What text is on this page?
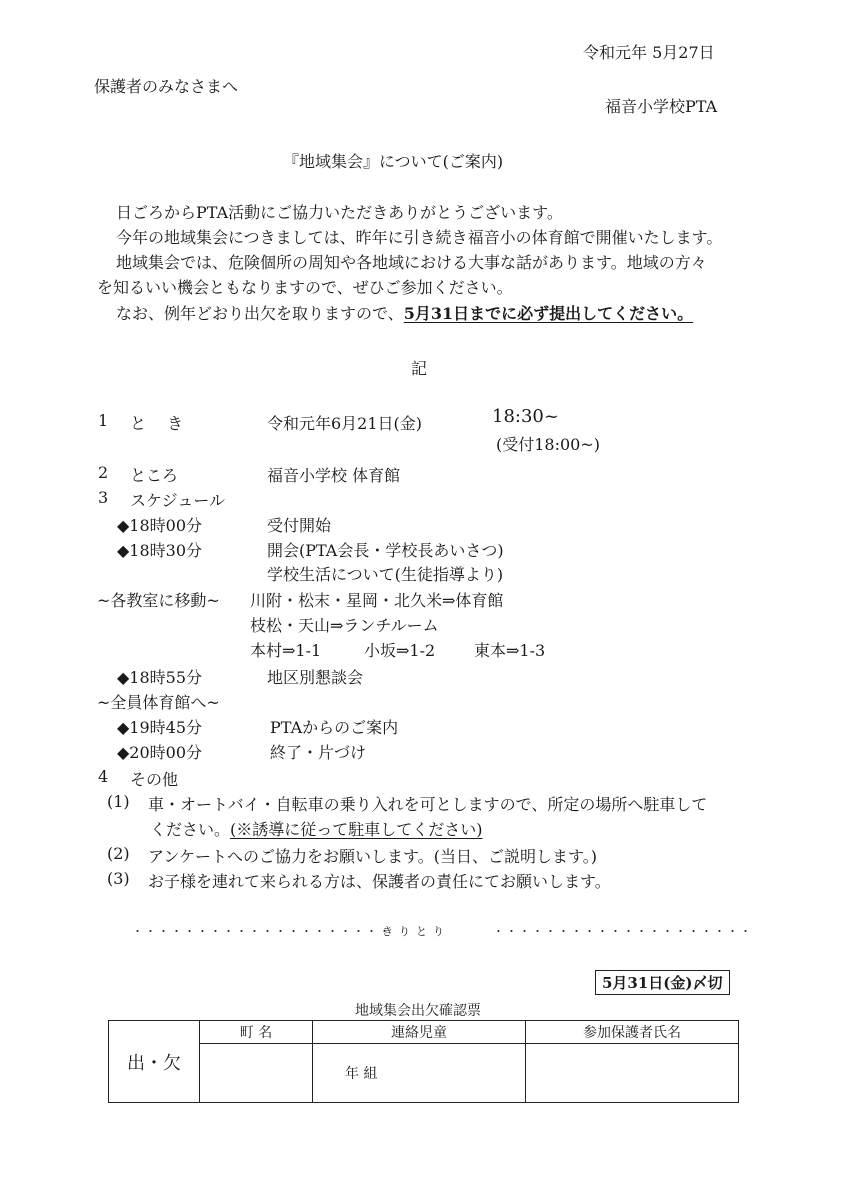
令和元年 5月27日
保護者のみなさまへ
福音小学校PTA
『地域集会』について(ご案内)
日ごろからPTA活動にご協力いただきありがとうございます。
今年の地域集会につきましては、昨年に引き続き福音小の体育館で開催いたします。
地域集会では、危険個所の周知や各地域における大事な話があります。地域の方々
を知るいい機会ともなりますので、ぜひご参加ください。
なお、例年どおり出欠を取りますので、5月31日までに必ず提出してください。
記
1 と き	令和元年6月21日(金)	18:30~
(受付18:00~)
2 ところ	福音小学校 体育館
3 スケジュール
◆18時00分	受付開始
◆18時30分	開会(PTA会長・学校長あいさつ)
学校生活について(生徒指導より)
~各教室に移動~ 川附・松末・星岡・北久米⇒体育館
枝松・天山⇒ランチルーム
本村⇒1-1	小坂⇒1-2 東本⇒1-3
◆18時55分	地区別懇談会
~全員体育館へ~
◆19時45分	PTAからのご案内
◆20時00分	終了・片づけ
4 その他
(1) 車・オートバイ・自転車の乗り入れを可としますので、所定の場所へ駐車して
ください。(※誘導に従って駐車してください)
(2) アンケートへのご協力をお願いします。(当日、ご説明します。)
(3) お子様を連れて来られる方は、保護者の責任にてお願いします。
・・・・・・・・・・・・・・・・・・・・
きりとり	・・・・・・・・・・・・・・・・・・・・
5月31日(金)〆切
地域集会出欠確認票
出・欠	町 名	連絡児童	参加保護者氏名
		年 組	
